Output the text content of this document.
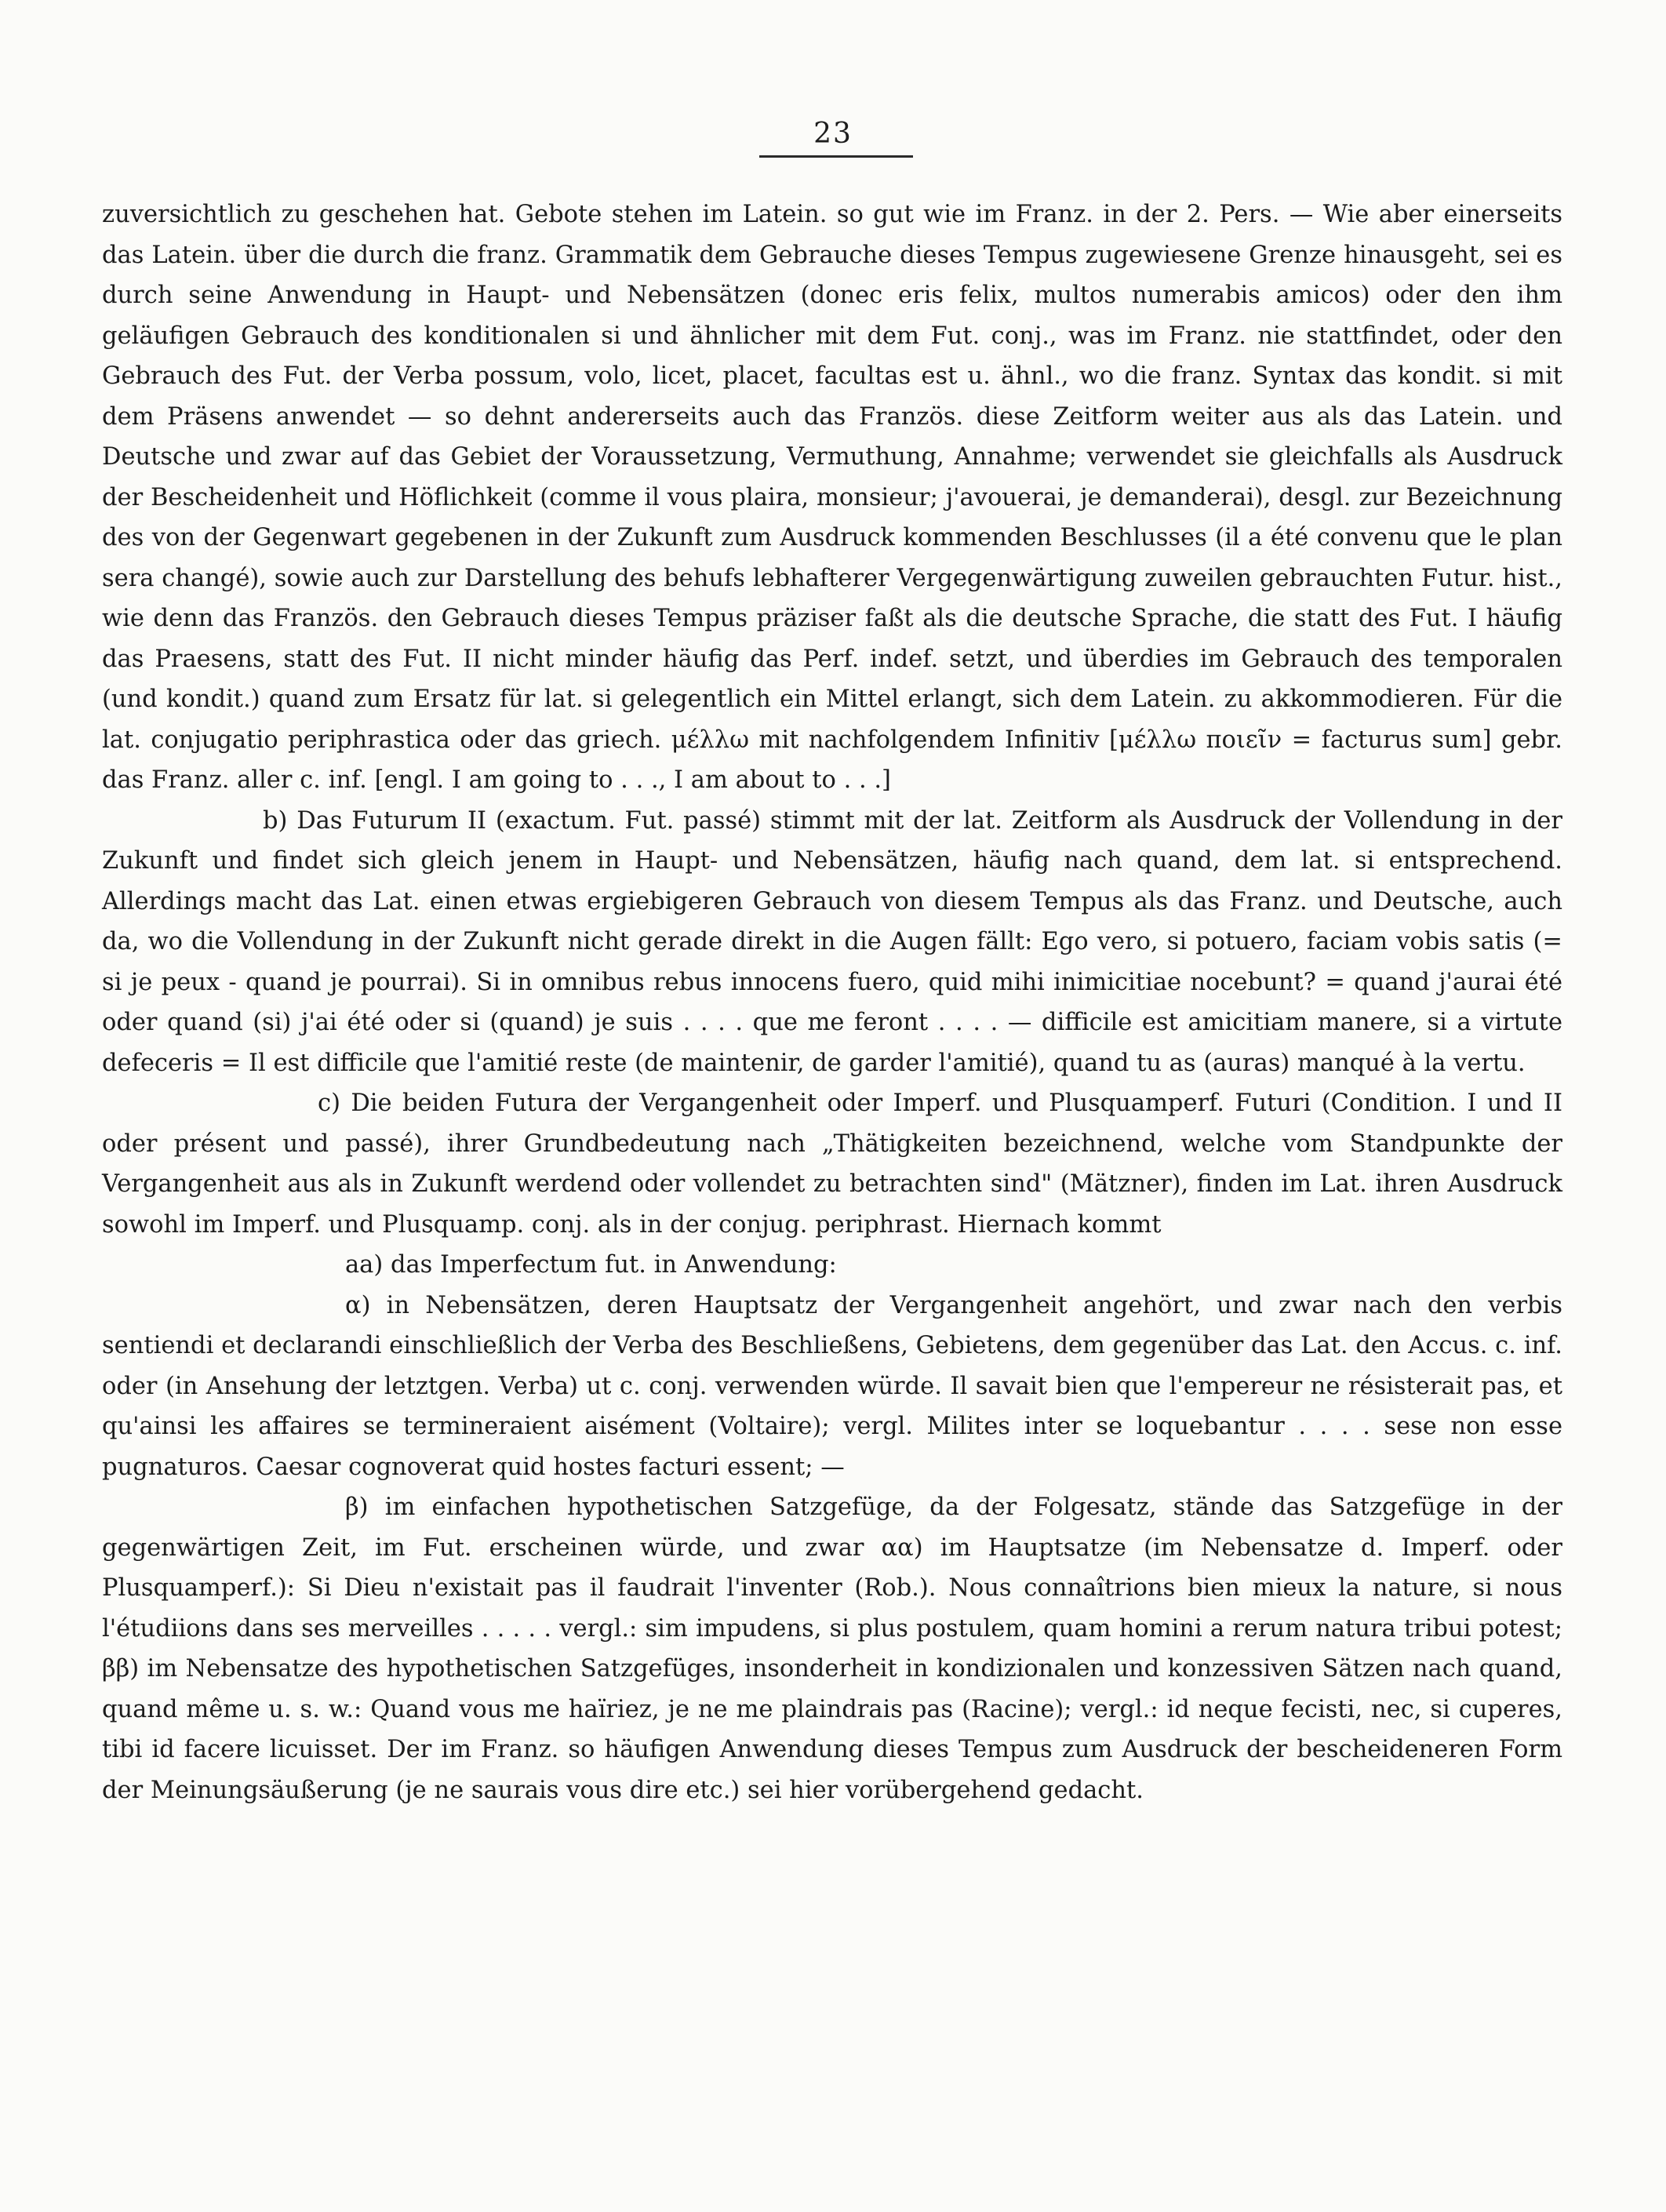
23

zuversichtlich zu geschehen hat. Gebote stehen im Latein. so gut wie im Franz. in der 2. Pers. — Wie aber einerseits das Latein. über die durch die franz. Grammatik dem Gebrauche dieses Tempus zugewiesene Grenze hinausgeht, sei es durch seine Anwendung in Haupt- und Nebensätzen (donec eris felix, multos numerabis amicos) oder den ihm geläufigen Gebrauch des konditionalen si und ähnlicher mit dem Fut. conj., was im Franz. nie stattfindet, oder den Gebrauch des Fut. der Verba possum, volo, licet, placet, facultas est u. ähnl., wo die franz. Syntax das kondit. si mit dem Präsens anwendet — so dehnt andererseits auch das Französ. diese Zeitform weiter aus als das Latein. und Deutsche und zwar auf das Gebiet der Voraussetzung, Vermuthung, Annahme; verwendet sie gleichfalls als Ausdruck der Bescheidenheit und Höflichkeit (comme il vous plaira, monsieur; j'avouerai, je demanderai), desgl. zur Bezeichnung des von der Gegenwart gegebenen in der Zukunft zum Ausdruck kommenden Beschlusses (il a été convenu que le plan sera changé), sowie auch zur Darstellung des behufs lebhafterer Vergegenwärtigung zuweilen gebrauchten Futur. hist., wie denn das Französ. den Gebrauch dieses Tempus präziser faßt als die deutsche Sprache, die statt des Fut. I häufig das Praesens, statt des Fut. II nicht minder häufig das Perf. indef. setzt, und überdies im Gebrauch des temporalen (und kondit.) quand zum Ersatz für lat. si gelegentlich ein Mittel erlangt, sich dem Latein. zu akkommodieren. Für die lat. conjugatio periphrastica oder das griech. μέλλω mit nachfolgendem Infinitiv [μέλλω ποιεῖν = facturus sum] gebr. das Franz. aller c. inf. [engl. I am going to . . ., I am about to . . .]

b) Das Futurum II (exactum. Fut. passé) stimmt mit der lat. Zeitform als Ausdruck der Vollendung in der Zukunft und findet sich gleich jenem in Haupt- und Nebensätzen, häufig nach quand, dem lat. si entsprechend. Allerdings macht das Lat. einen etwas ergiebigeren Gebrauch von diesem Tempus als das Franz. und Deutsche, auch da, wo die Vollendung in der Zukunft nicht gerade direkt in die Augen fällt: Ego vero, si potuero, faciam vobis satis (= si je peux - quand je pourrai). Si in omnibus rebus innocens fuero, quid mihi inimicitiae nocebunt? = quand j'aurai été oder quand (si) j'ai été oder si (quand) je suis . . . . que me feront . . . . — difficile est amicitiam manere, si a virtute defeceris = Il est difficile que l'amitié reste (de maintenir, de garder l'amitié), quand tu as (auras) manqué à la vertu.

c) Die beiden Futura der Vergangenheit oder Imperf. und Plusquamperf. Futuri (Condition. I und II oder présent und passé), ihrer Grundbedeutung nach „Thätigkeiten bezeichnend, welche vom Standpunkte der Vergangenheit aus als in Zukunft werdend oder vollendet zu betrachten sind" (Mätzner), finden im Lat. ihren Ausdruck sowohl im Imperf. und Plusquamp. conj. als in der conjug. periphrast. Hiernach kommt

aa) das Imperfectum fut. in Anwendung:

α) in Nebensätzen, deren Hauptsatz der Vergangenheit angehört, und zwar nach den verbis sentiendi et declarandi einschließlich der Verba des Beschließens, Gebietens, dem gegenüber das Lat. den Accus. c. inf. oder (in Ansehung der letztgen. Verba) ut c. conj. verwenden würde. Il savait bien que l'empereur ne résisterait pas, et qu'ainsi les affaires se termineraient aisément (Voltaire); vergl. Milites inter se loquebantur . . . . sese non esse pugnaturos. Caesar cognoverat quid hostes facturi essent; —

β) im einfachen hypothetischen Satzgefüge, da der Folgesatz, stände das Satzgefüge in der gegenwärtigen Zeit, im Fut. erscheinen würde, und zwar αα) im Hauptsatze (im Nebensatze d. Imperf. oder Plusquamperf.): Si Dieu n'existait pas il faudrait l'inventer (Rob.). Nous connaîtrions bien mieux la nature, si nous l'étudiions dans ses merveilles . . . . . vergl.: sim impudens, si plus postulem, quam homini a rerum natura tribui potest; ββ) im Nebensatze des hypothetischen Satzgefüges, insonderheit in kondizionalen und konzessiven Sätzen nach quand, quand même u. s. w.: Quand vous me haïriez, je ne me plaindrais pas (Racine); vergl.: id neque fecisti, nec, si cuperes, tibi id facere licuisset. Der im Franz. so häufigen Anwendung dieses Tempus zum Ausdruck der bescheideneren Form der Meinungsäußerung (je ne saurais vous dire etc.) sei hier vorübergehend gedacht.
